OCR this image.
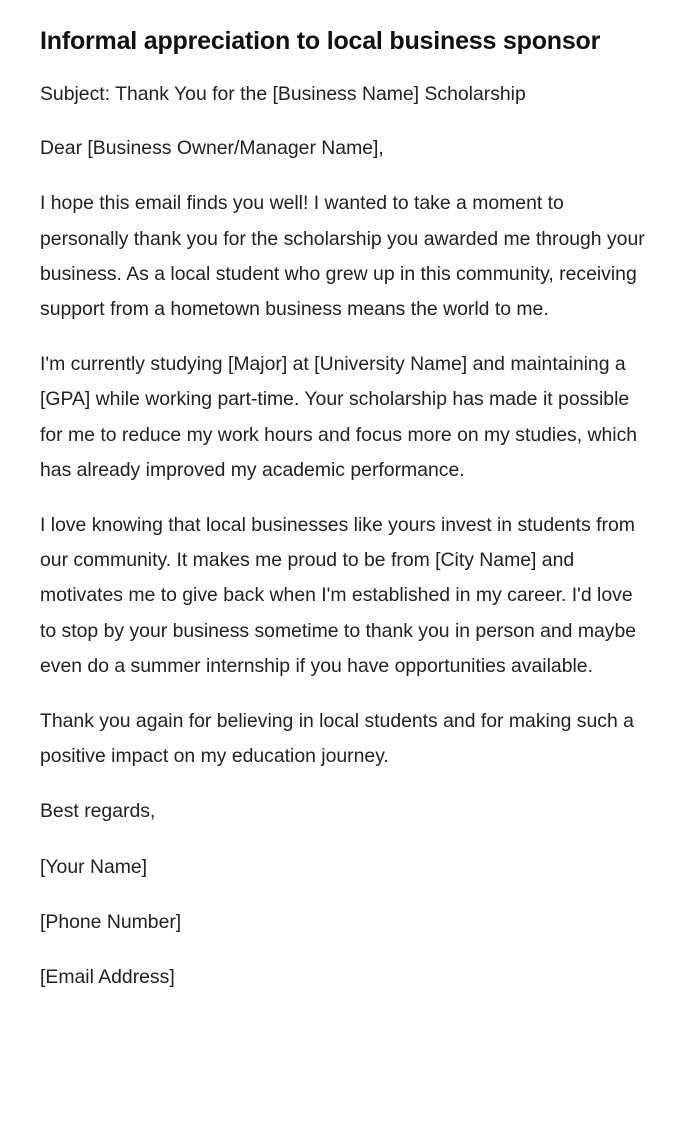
Informal appreciation to local business sponsor

Subject: Thank You for the [Business Name] Scholarship

Dear [Business Owner/Manager Name],

I hope this email finds you well! I wanted to take a moment to personally thank you for the scholarship you awarded me through your business. As a local student who grew up in this community, receiving support from a hometown business means the world to me.

I'm currently studying [Major] at [University Name] and maintaining a [GPA] while working part-time. Your scholarship has made it possible for me to reduce my work hours and focus more on my studies, which has already improved my academic performance.

I love knowing that local businesses like yours invest in students from our community. It makes me proud to be from [City Name] and motivates me to give back when I'm established in my career. I'd love to stop by your business sometime to thank you in person and maybe even do a summer internship if you have opportunities available.

Thank you again for believing in local students and for making such a positive impact on my education journey.

Best regards,

[Your Name]

[Phone Number]

[Email Address]
